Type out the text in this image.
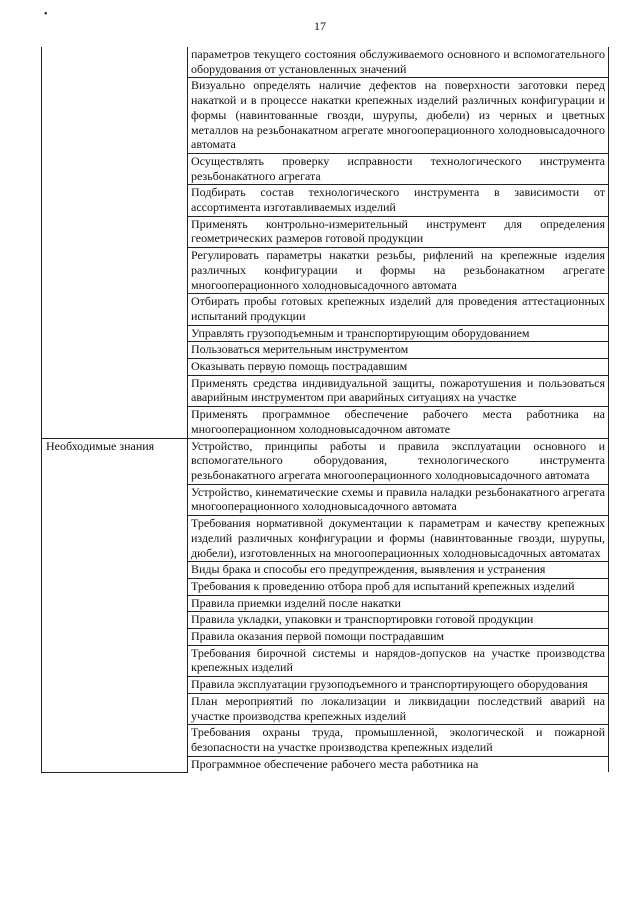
•
17
	параметров текущего состояния обслуживаемого основного и вспомогательного оборудования от установленных значений
	Визуально определять наличие дефектов на поверхности заготовки перед накаткой и в процессе накатки крепежных изделий различных конфигурации и формы (навинтованные гвозди, шурупы, дюбели) из черных и цветных металлов на резьбонакатном агрегате многооперационного холодновысадочного автомата
	Осуществлять проверку исправности технологического инструмента резьбонакатного агрегата
	Подбирать состав технологического инструмента в зависимости от ассортимента изготавливаемых изделий
	Применять контрольно-измерительный инструмент для определения геометрических размеров готовой продукции
	Регулировать параметры накатки резьбы, рифлений на крепежные изделия различных конфигурации и формы на резьбонакатном агрегате многооперационного холодновысадочного автомата
	Отбирать пробы готовых крепежных изделий для проведения аттестационных испытаний продукции
	Управлять грузоподъемным и транспортирующим оборудованием
	Пользоваться мерительным инструментом
	Оказывать первую помощь пострадавшим
	Применять средства индивидуальной защиты, пожаротушения и пользоваться аварийным инструментом при аварийных ситуациях на участке
	Применять программное обеспечение рабочего места работника на многооперационном холодновысадочном автомате
Необходимые знания	Устройство, принципы работы и правила эксплуатации основного и вспомогательного оборудования, технологического инструмента резьбонакатного агрегата многооперационного холодновысадочного автомата
	Устройство, кинематические схемы и правила наладки резьбонакатного агрегата многооперационного холодновысадочного автомата
	Требования нормативной документации к параметрам и качеству крепежных изделий различных конфигурации и формы (навинтованные гвозди, шурупы, дюбели), изготовленных на многооперационных холодновысадочных автоматах
	Виды брака и способы его предупреждения, выявления и устранения
	Требования к проведению отбора проб для испытаний крепежных изделий
	Правила приемки изделий после накатки
	Правила укладки, упаковки и транспортировки готовой продукции
	Правила оказания первой помощи пострадавшим
	Требования бирочной системы и нарядов-допусков на участке производства крепежных изделий
	Правила эксплуатации грузоподъемного и транспортирующего оборудования
	План мероприятий по локализации и ликвидации последствий аварий на участке производства крепежных изделий
	Требования охраны труда, промышленной, экологической и пожарной безопасности на участке производства крепежных изделий
	Программное обеспечение рабочего места работника на
